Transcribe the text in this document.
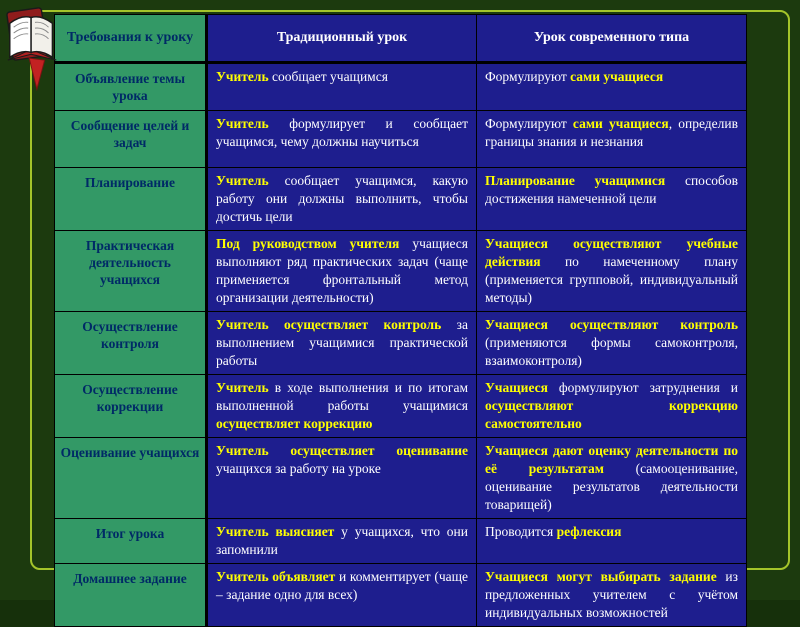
Требования к уроку	Традиционный урок	Урок современного типа
Объявление темы урока	Учитель сообщает учащимся	Формулируют сами учащиеся
Сообщение целей и задач	Учитель формулирует и сообщает учащимся, чему должны научиться	Формулируют сами учащиеся, определив границы знания и незнания
Планирование	Учитель сообщает учащимся, какую работу они должны выполнить, чтобы достичь цели	Планирование учащимися способов достижения намеченной цели
Практическая деятельность учащихся	Под руководством учителя учащиеся выполняют ряд практических задач (чаще применяется фронтальный метод организации деятельности)	Учащиеся осуществляют учебные действия по намеченному плану (применяется групповой, индивидуальный методы)
Осуществление контроля	Учитель осуществляет контроль за выполнением учащимися практической работы	Учащиеся осуществляют контроль (применяются формы самоконтроля, взаимоконтроля)
Осуществление коррекции	Учитель в ходе выполнения и по итогам выполненной работы учащимися осуществляет коррекцию	Учащиеся формулируют затруднения и осуществляют коррекцию самостоятельно
Оценивание учащихся	Учитель осуществляет оценивание учащихся за работу на уроке	Учащиеся дают оценку деятельности по её результатам (самооценивание, оценивание результатов деятельности товарищей)
Итог урока	Учитель выясняет у учащихся, что они запомнили	Проводится рефлексия
Домашнее задание	Учитель объявляет и комментирует (чаще – задание одно для всех)	Учащиеся могут выбирать задание из предложенных учителем с учётом индивидуальных возможностей
